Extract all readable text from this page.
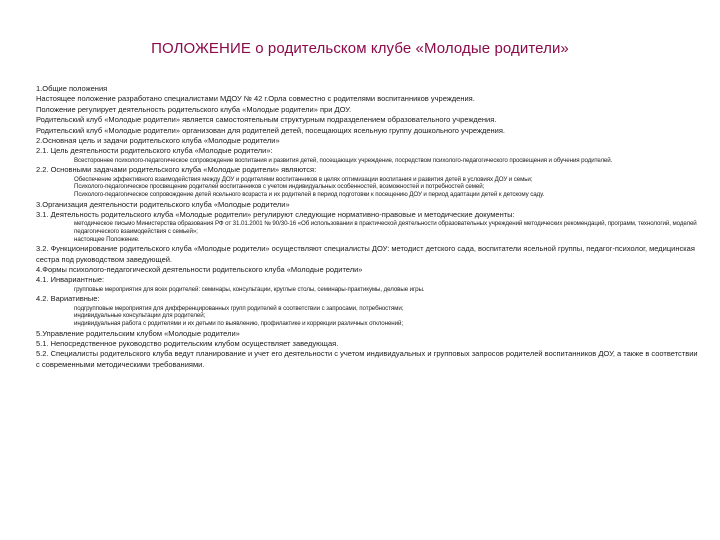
ПОЛОЖЕНИЕ о родительском клубе «Молодые родители»

1.Общие положения

Настоящее положение разработано специалистами МДОУ № 42 г.Орла совместно с родителями воспитанников учреждения.

Положение регулирует деятельность родительского клуба «Молодые родители» при ДОУ.

Родительский клуб «Молодые родители» является самостоятельным структурным подразделением образовательного учреждения.

Родительский клуб «Молодые родители» организован для родителей детей, посещающих ясельную группу дошкольного учреждения.

2.Основная цель и задачи родительского клуба «Молодые родители»

2.1. Цель деятельности родительского клуба «Молодые родители»:

Всестороннее психолого-педагогическое сопровождение воспитания и развития детей, посещающих учреждение, посредством психолого-педагогического просвещения и обучения родителей.

2.2. Основными задачами родительского клуба «Молодые родители» являются:

Обеспечение эффективного взаимодействия между ДОУ и родителями воспитанников в целях оптимизации воспитания и развития детей в условиях ДОУ и семьи;

Психолого-педагогическое просвещение родителей воспитанников с учетом индивидуальных особенностей, возможностей и потребностей семей;

Психолого-педагогическое сопровождение детей ясельного возраста и их родителей в период подготовки к посещению ДОУ и период адаптации детей к детскому саду.

3.Организация деятельности родительского клуба «Молодые родители»

3.1. Деятельность родительского клуба «Молодые родители» регулируют следующие нормативно-правовые и методические документы:

методическое письмо Министерства образования РФ от 31.01.2001 № 90/30-16 «Об использовании в практической деятельности образовательных учреждений методических рекомендаций, программ, технологий, моделей педагогического взаимодействия с семьей»;

настоящее Положение.

3.2. Функционирование родительского клуба «Молодые родители» осуществляют специалисты ДОУ: методист детского сада, воспитатели ясельной группы, педагог-психолог, медицинская сестра под руководством заведующей.

4.Формы психолого-педагогической деятельности родительского клуба «Молодые родители»

4.1. Инвариантные:

групповые мероприятия для всех родителей: семинары, консультации, круглые столы, семинары-практикумы, деловые игры.

4.2. Вариативные:

подгрупповые мероприятия для дифференцированных групп родителей в соответствии с запросами, потребностями;

индивидуальные консультации для родителей;

индивидуальная работа с родителями и их детьми по выявлению, профилактике и коррекции различных отклонений;

5.Управление родительским клубом «Молодые родители»

5.1. Непосредственное руководство родительским клубом осуществляет заведующая.

5.2. Специалисты родительского клуба ведут планирование и учет его деятельности с учетом индивидуальных и групповых запросов родителей воспитанников ДОУ, а также в соответствии с современными методическими требованиями.
